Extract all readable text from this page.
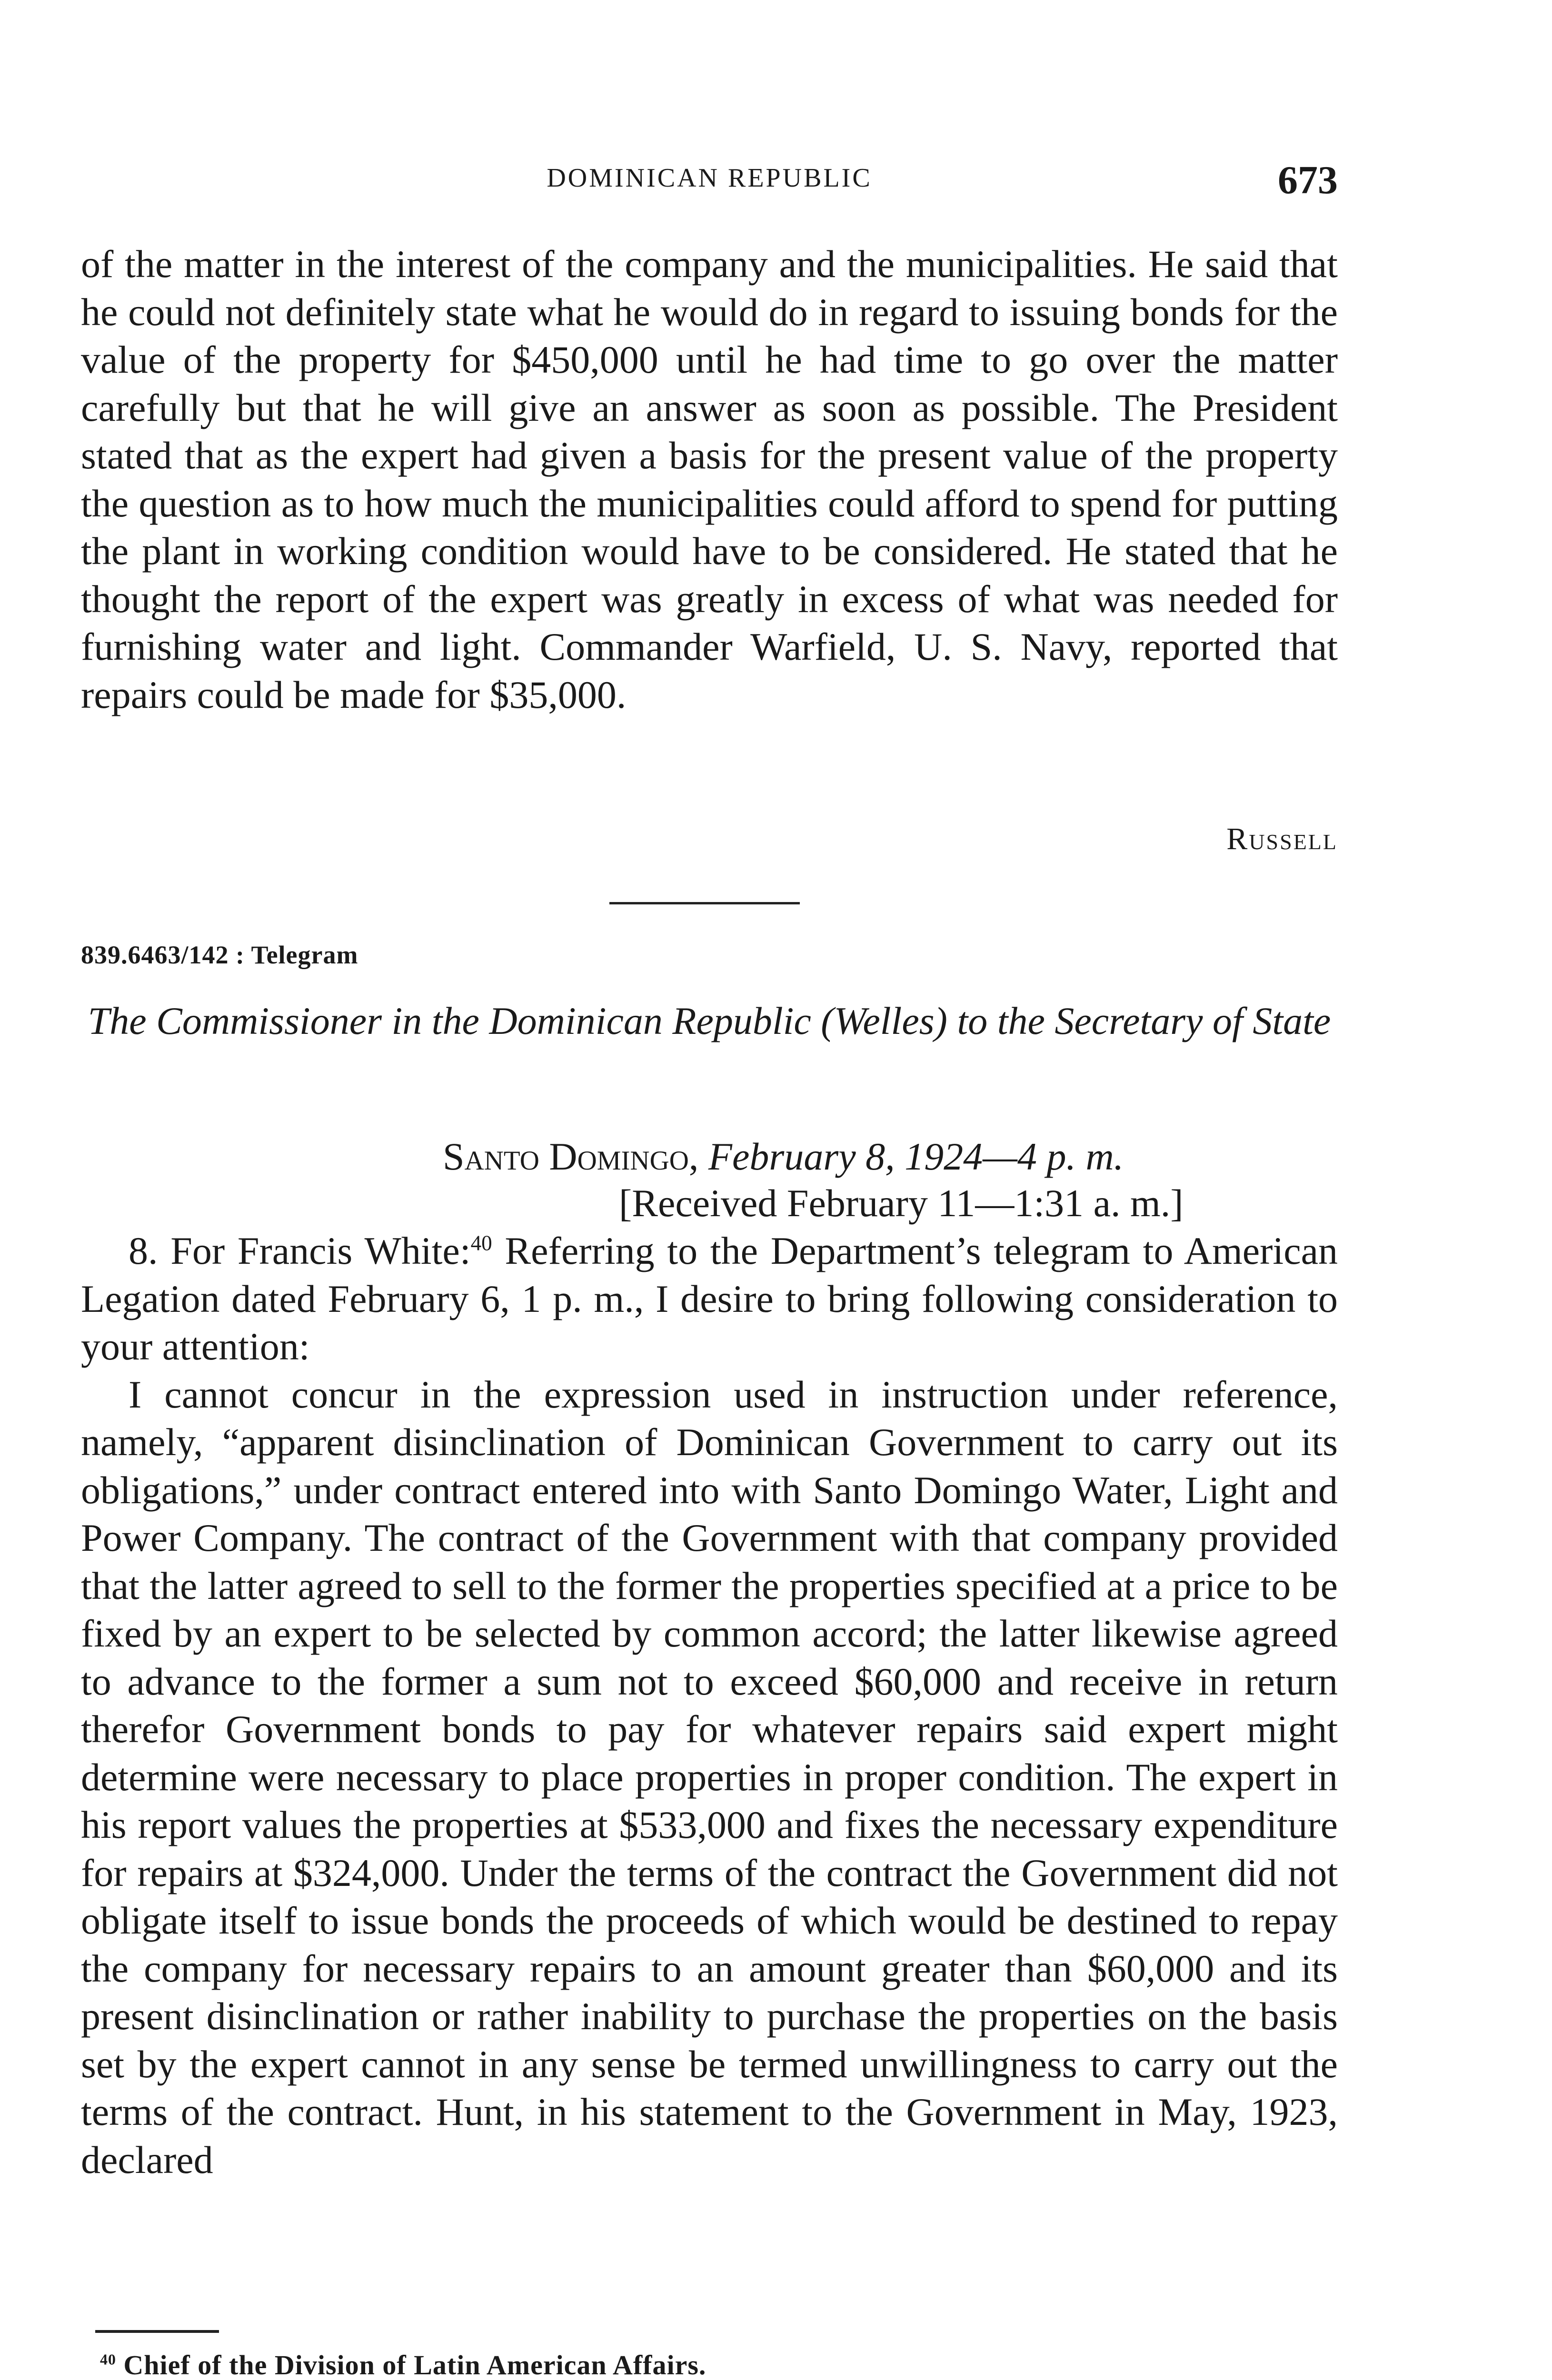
DOMINICAN REPUBLIC	673

of the matter in the interest of the company and the municipalities. He said that he could not definitely state what he would do in regard to issuing bonds for the value of the property for $450,000 until he had time to go over the matter carefully but that he will give an answer as soon as possible. The President stated that as the expert had given a basis for the present value of the property the question as to how much the municipalities could afford to spend for putting the plant in working condition would have to be considered. He stated that he thought the report of the expert was greatly in excess of what was needed for furnishing water and light. Commander Warfield, U. S. Navy, reported that repairs could be made for $35,000.

Russell
839.6463/142 : Telegram

The Commissioner in the Dominican Republic (Welles) to the Secretary of State

Santo Domingo, February 8, 1924—4 p. m.
[Received February 11—1:31 a. m.]

8. For Francis White:$^{40}$ Referring to the Department’s telegram to American Legation dated February 6, 1 p. m., I desire to bring following consideration to your attention:

I cannot concur in the expression used in instruction under reference, namely, “apparent disinclination of Dominican Government to carry out its obligations,” under contract entered into with Santo Domingo Water, Light and Power Company. The contract of the Government with that company provided that the latter agreed to sell to the former the properties specified at a price to be fixed by an expert to be selected by common accord; the latter likewise agreed to advance to the former a sum not to exceed $60,000 and receive in return therefor Government bonds to pay for whatever repairs said expert might determine were necessary to place properties in proper condition. The expert in his report values the properties at $533,000 and fixes the necessary expenditure for repairs at $324,000. Under the terms of the contract the Government did not obligate itself to issue bonds the proceeds of which would be destined to repay the company for necessary repairs to an amount greater than $60,000 and its present disinclination or rather inability to purchase the properties on the basis set by the expert cannot in any sense be termed unwillingness to carry out the terms of the contract. Hunt, in his statement to the Government in May, 1923, declared

$^{40}$ Chief of the Division of Latin American Affairs.
